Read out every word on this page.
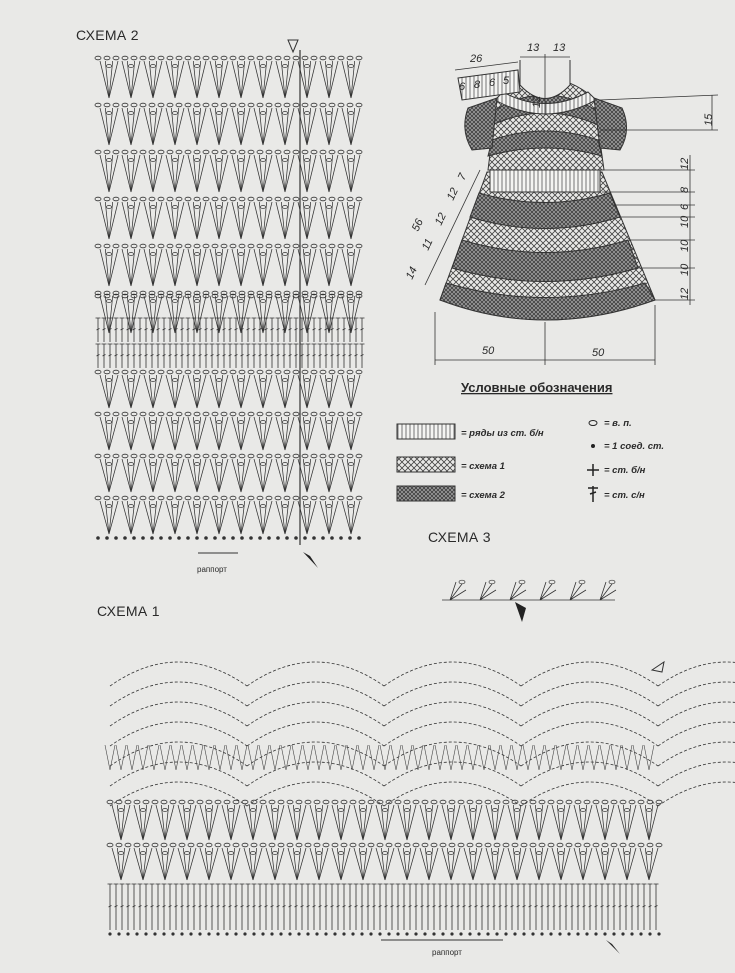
СХЕМА 2
раппорт
13 13
12
26
6 8 6 5
15
12
8
6
10
10
10
12
56
14
11
12
12
7
50	50
Условные обозначения
= ряды из ст. б/н
= схема 1
= схема 2
= в. п.
= 1 соед. ст.
= ст. б/н
= ст. с/н
СХЕМА 3
СХЕМА 1
раппорт
